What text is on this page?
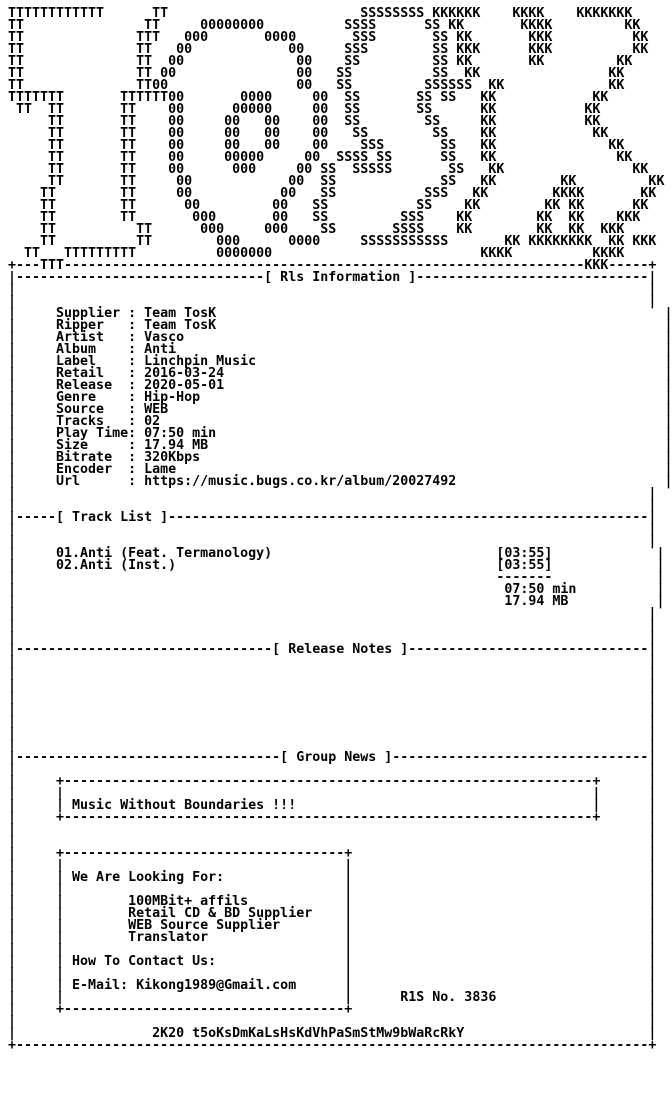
TTTTTTTTTTTT      TT                        SSSSSSSS KKKKKK    KKKK    KKKKKKK
TT               TT     00000000          SSSS      SS KK       KKKK         KK
TT              TTT   000       0000       SSS       SS KK       KKK          KK
TT              TT   00            00     SSS        SS KKK      KKK          KK
TT              TT  00              00    SS         SS KK       KK         KK
TT              TT 00               00   SS          SS  KK                KK
TT              TT00                00   SS         SSSSSS  KK             KK
TTTTTTT       TTTTTT00       0000     00  SS       SS SS   KK            KK
TT  TT       TT    00      00000     00  SS       SS      KK           KK
TT       TT    00     00   00    00  SS        SS     KK           KK
TT       TT    00     00   00    00   SS        SS    KK            KK
TT       TT    00     00   00    00    SSS       SS   KK              KK
TT       TT    00     00000     00  SSSS SS      SS   KK               KK
TT       TT    00      000     00 SS  SSSSS       SS   KK                KK
TT       TT     00            00  SS             SS   KK        KK         KK
TT        TT     00           00   SS           SSS   KK        KKKK       KK
TT        TT      00         00   SS           SS    KK        KK KK      KK
TT        TT       000       00   SS         SSS    KK        KK  KK    KKK
TT          TT      000     000    SS       SSSS    KK        KK  KK  KKK
TT          TT        000      0000     SSSSSSSSSSS       KK KKKKKKKK  KK KKK
TT   TTTTTTTTT          0000000                          KKKK          KKKK
+---TTT-----------------------------------------------------------------KKK-----+
|-------------------------------[ Rls Information ]-----------------------------|
|                                                                               |
|                                                                               |
|     Supplier : Team TosK                                                        |
|     Ripper   : Team TosK                                                        |
|     Artist   : Vasco                                                            |
|     Album    : Anti                                                             |
|     Label    : Linchpin Music                                                   |
|     Retail   : 2016-03-24                                                       |
|     Release  : 2020-05-01                                                       |
|     Genre    : Hip-Hop                                                          |
|     Source   : WEB                                                              |
|     Tracks   : 02                                                               |
|     Play Time: 07:50 min                                                        |
|     Size     : 17.94 MB                                                         |
|     Bitrate  : 320Kbps                                                          |
|     Encoder  : Lame                                                             |
|     Url      : https://music.bugs.co.kr/album/20027492                          |
|                                                                               |
|                                                                               |
|-----[ Track List ]------------------------------------------------------------|
|                                                                               |
|                                                                               |
|     01.Anti (Feat. Termanology)                            [03:55]             |
|     02.Anti (Inst.)                                        [03:55]             |
|                                                            -------             |
|                                                             07:50 min          |
|                                                             17.94 MB           |
|                                                                               |
|                                                                               |
|                                                                               |
|--------------------------------[ Release Notes ]------------------------------|
|                                                                               |
|                                                                               |
|                                                                               |
|                                                                               |
|                                                                               |
|                                                                               |
|                                                                               |
|                                                                               |
|---------------------------------[ Group News ]--------------------------------|
|                                                                               |
|     +------------------------------------------------------------------+      |
|     |                                                                  |      |
|     | Music Without Boundaries !!!                                     |      |
|     +------------------------------------------------------------------+      |
|                                                                               |
|                                                                               |
|     +-----------------------------------+                                     |
|     |                                   |                                     |
|     | We Are Looking For:               |                                     |
|     |                                   |                                     |
|     |        100MBit+ affils            |                                     |
|     |        Retail CD & BD Supplier    |                                     |
|     |        WEB Source Supplier        |                                     |
|     |        Translator                 |                                     |
|     |                                   |                                     |
|     | How To Contact Us:                |                                     |
|     |                                   |                                     |
|     | E-Mail: Kikong1989@Gmail.com      |                                     |
|     |                                   |      R1S No. 3836                   |
|     +-----------------------------------+                                     |
|                                                                               |
|                 2K20 t5oKsDmKaLsHsKdVhPaSmStMw9bWaRcRkY                       |
+-------------------------------------------------------------------------------+
